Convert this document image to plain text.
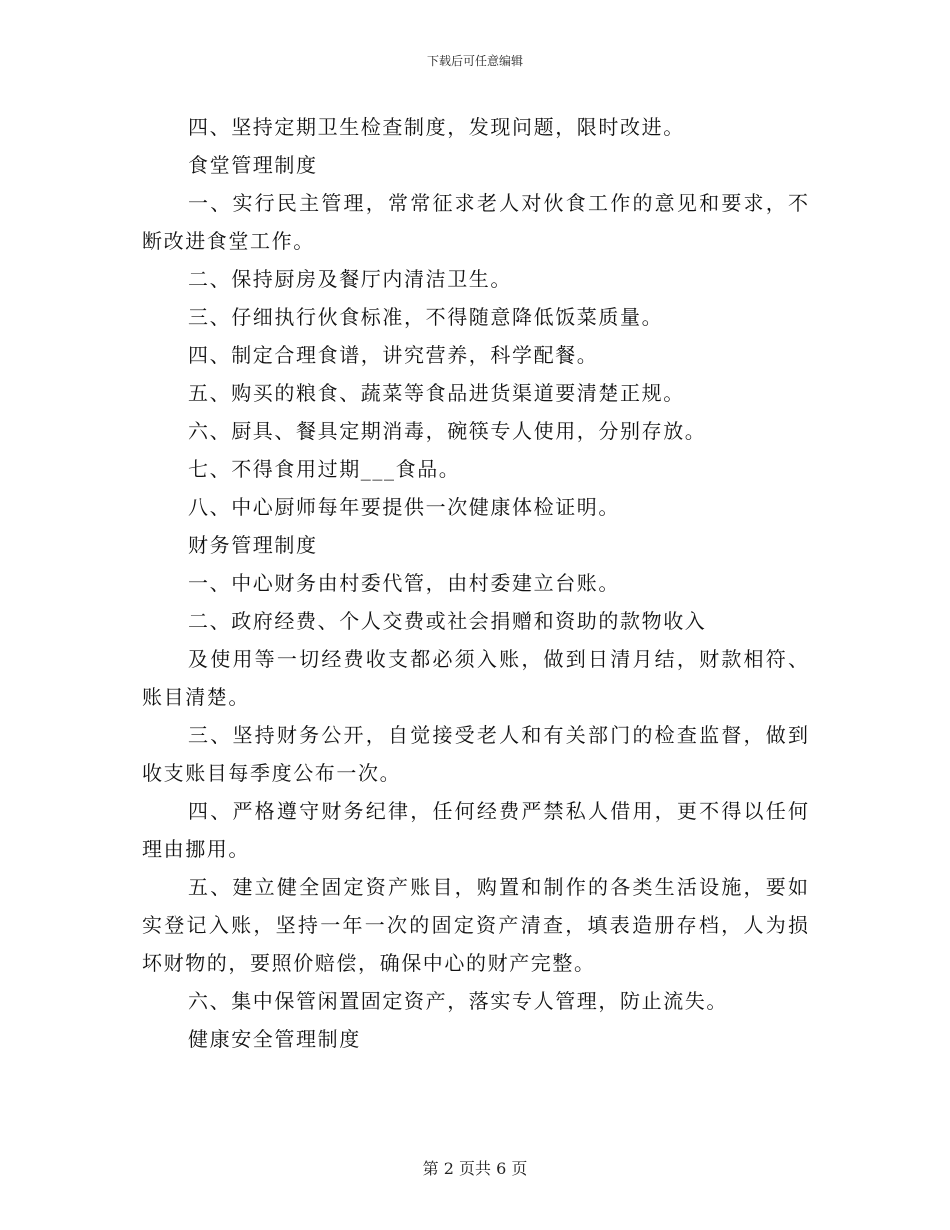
下载后可任意编辑
四、坚持定期卫生检查制度，发现问题，限时改进。
食堂管理制度
一、实行民主管理，常常征求老人对伙食工作的意见和要求，不
断改进食堂工作。
二、保持厨房及餐厅内清洁卫生。
三、仔细执行伙食标准，不得随意降低饭菜质量。
四、制定合理食谱，讲究营养，科学配餐。
五、购买的粮食、蔬菜等食品进货渠道要清楚正规。
六、厨具、餐具定期消毒，碗筷专人使用，分别存放。
七、不得食用过期___食品。
八、中心厨师每年要提供一次健康体检证明。
财务管理制度
一、中心财务由村委代管，由村委建立台账。
二、政府经费、个人交费或社会捐赠和资助的款物收入
及使用等一切经费收支都必须入账，做到日清月结，财款相符、
账目清楚。
三、坚持财务公开，自觉接受老人和有关部门的检查监督，做到
收支账目每季度公布一次。
四、严格遵守财务纪律，任何经费严禁私人借用，更不得以任何
理由挪用。
五、建立健全固定资产账目，购置和制作的各类生活设施，要如
实登记入账，坚持一年一次的固定资产清查，填表造册存档，人为损
坏财物的，要照价赔偿，确保中心的财产完整。
六、集中保管闲置固定资产，落实专人管理，防止流失。
健康安全管理制度
第 2 页共 6 页
